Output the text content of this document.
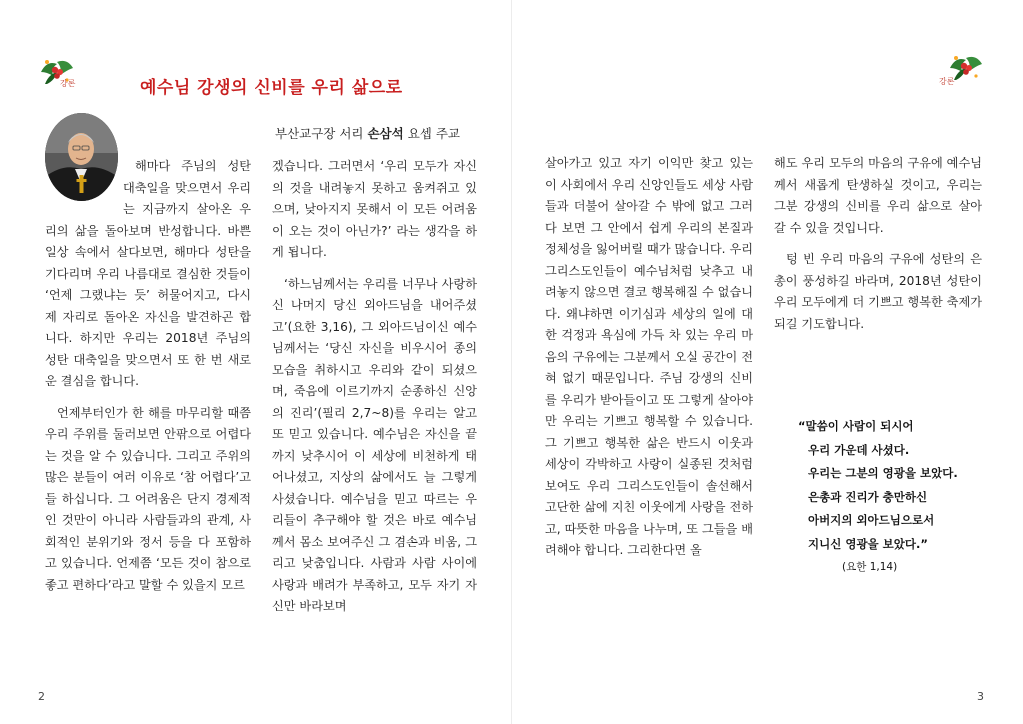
강론	예수님 강생의 신비를 우리 삶으로
부산교구장 서리 손삼석 요셉 주교

해마다 주님의 성탄 대축일을 맞으면서 우리는 지금까지 살아온 우리의 삶을 돌아보며 반성합니다. 바쁜 일상 속에서 살다보면, 해마다 성탄을 기다리며 우리 나름대로 결심한 것들이 ‘언제 그랬냐는 듯’ 허물어지고, 다시 제 자리로 돌아온 자신을 발견하곤 합니다. 하지만 우리는 2018년 주님의 성탄 대축일을 맞으면서 또 한 번 새로운 결심을 합니다.

언제부터인가 한 해를 마무리할 때쯤 우리 주위를 둘러보면 안팎으로 어렵다는 것을 알 수 있습니다. 그리고 주위의 많은 분들이 여러 이유로 ‘참 어렵다’고들 하십니다. 그 어려움은 단지 경제적인 것만이 아니라 사람들과의 관계, 사회적인 분위기와 정서 등을 다 포함하고 있습니다. 언제쯤 ‘모든 것이 참으로 좋고 편하다’라고 말할 수 있을지 모르

겠습니다. 그러면서 ‘우리 모두가 자신의 것을 내려놓지 못하고 움켜쥐고 있으며, 낮아지지 못해서 이 모든 어려움이 오는 것이 아닌가?’ 라는 생각을 하게 됩니다.

‘하느님께서는 우리를 너무나 사랑하신 나머지 당신 외아드님을 내어주셨고’(요한 3,16), 그 외아드님이신 예수님께서는 ‘당신 자신을 비우시어 종의 모습을 취하시고 우리와 같이 되셨으며, 죽음에 이르기까지 순종하신 신앙의 진리’(필리 2,7~8)를 우리는 알고 또 믿고 있습니다. 예수님은 자신을 끝까지 낮추시어 이 세상에 비천하게 태어나셨고, 지상의 삶에서도 늘 그렇게 사셨습니다. 예수님을 믿고 따르는 우리들이 추구해야 할 것은 바로 예수님께서 몸소 보여주신 그 겸손과 비움, 그리고 낮춤입니다. 사람과 사람 사이에 사랑과 배려가 부족하고, 모두 자기 자신만 바라보며

2
강론

살아가고 있고 자기 이익만 찾고 있는 이 사회에서 우리 신앙인들도 세상 사람들과 더불어 살아갈 수 밖에 없고 그러다 보면 그 안에서 쉽게 우리의 본질과 정체성을 잃어버릴 때가 많습니다. 우리 그리스도인들이 예수님처럼 낮추고 내려놓지 않으면 결코 행복해질 수 없습니다. 왜냐하면 이기심과 세상의 일에 대한 걱정과 욕심에 가득 차 있는 우리 마음의 구유에는 그분께서 오실 공간이 전혀 없기 때문입니다. 주님 강생의 신비를 우리가 받아들이고 또 그렇게 살아야만 우리는 기쁘고 행복할 수 있습니다. 그 기쁘고 행복한 삶은 반드시 이웃과 세상이 각박하고 사랑이 실종된 것처럼 보여도 우리 그리스도인들이 솔선해서 고단한 삶에 지친 이웃에게 사랑을 전하고, 따뜻한 마음을 나누며, 또 그들을 배려해야 합니다. 그리한다면 올

해도 우리 모두의 마음의 구유에 예수님께서 새롭게 탄생하실 것이고, 우리는 그분 강생의 신비를 우리 삶으로 살아 갈 수 있을 것입니다.

텅 빈 우리 마음의 구유에 성탄의 은총이 풍성하길 바라며, 2018년 성탄이 우리 모두에게 더 기쁘고 행복한 축제가 되길 기도합니다.

“말씀이 사람이 되시어
우리 가운데 사셨다.
우리는 그분의 영광을 보았다.
은총과 진리가 충만하신
아버지의 외아드님으로서
지니신 영광을 보았다.”
(요한 1,14)
3
